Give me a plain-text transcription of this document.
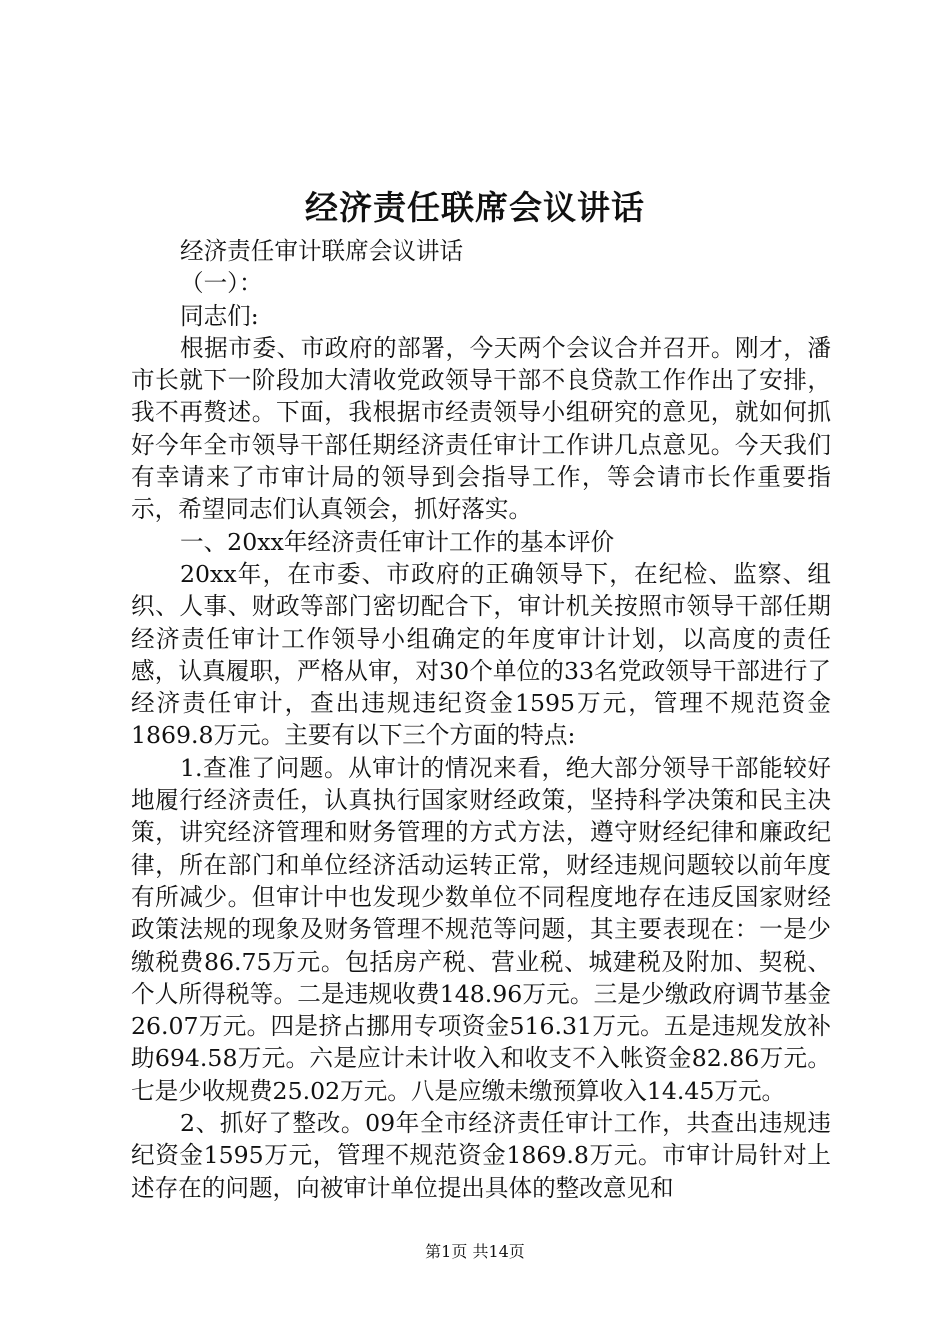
经济责任联席会议讲话

经济责任审计联席会议讲话

（一）：

同志们:

根据市委、市政府的部署，今天两个会议合并召开。刚才，潘市长就下一阶段加大清收党政领导干部不良贷款工作作出了安排，我不再赘述。下面，我根据市经责领导小组研究的意见，就如何抓好今年全市领导干部任期经济责任审计工作讲几点意见。今天我们有幸请来了市审计局的领导到会指导工作，等会请市长作重要指示，希望同志们认真领会，抓好落实。

一、20xx年经济责任审计工作的基本评价

20xx年，在市委、市政府的正确领导下，在纪检、监察、组织、人事、财政等部门密切配合下，审计机关按照市领导干部任期经济责任审计工作领导小组确定的年度审计计划，以高度的责任感，认真履职，严格从审，对30个单位的33名党政领导干部进行了经济责任审计，查出违规违纪资金1595万元，管理不规范资金1869.8万元。主要有以下三个方面的特点:

1.查准了问题。从审计的情况来看，绝大部分领导干部能较好地履行经济责任，认真执行国家财经政策，坚持科学决策和民主决策，讲究经济管理和财务管理的方式方法，遵守财经纪律和廉政纪律，所在部门和单位经济活动运转正常，财经违规问题较以前年度有所减少。但审计中也发现少数单位不同程度地存在违反国家财经政策法规的现象及财务管理不规范等问题，其主要表现在：一是少缴税费86.75万元。包括房产税、营业税、城建税及附加、契税、个人所得税等。二是违规收费148.96万元。三是少缴政府调节基金26.07万元。四是挤占挪用专项资金516.31万元。五是违规发放补助694.58万元。六是应计未计收入和收支不入帐资金82.86万元。七是少收规费25.02万元。八是应缴未缴预算收入14.45万元。

2、抓好了整改。09年全市经济责任审计工作，共查出违规违纪资金1595万元，管理不规范资金1869.8万元。市审计局针对上述存在的问题，向被审计单位提出具体的整改意见和

第1页 共14页
